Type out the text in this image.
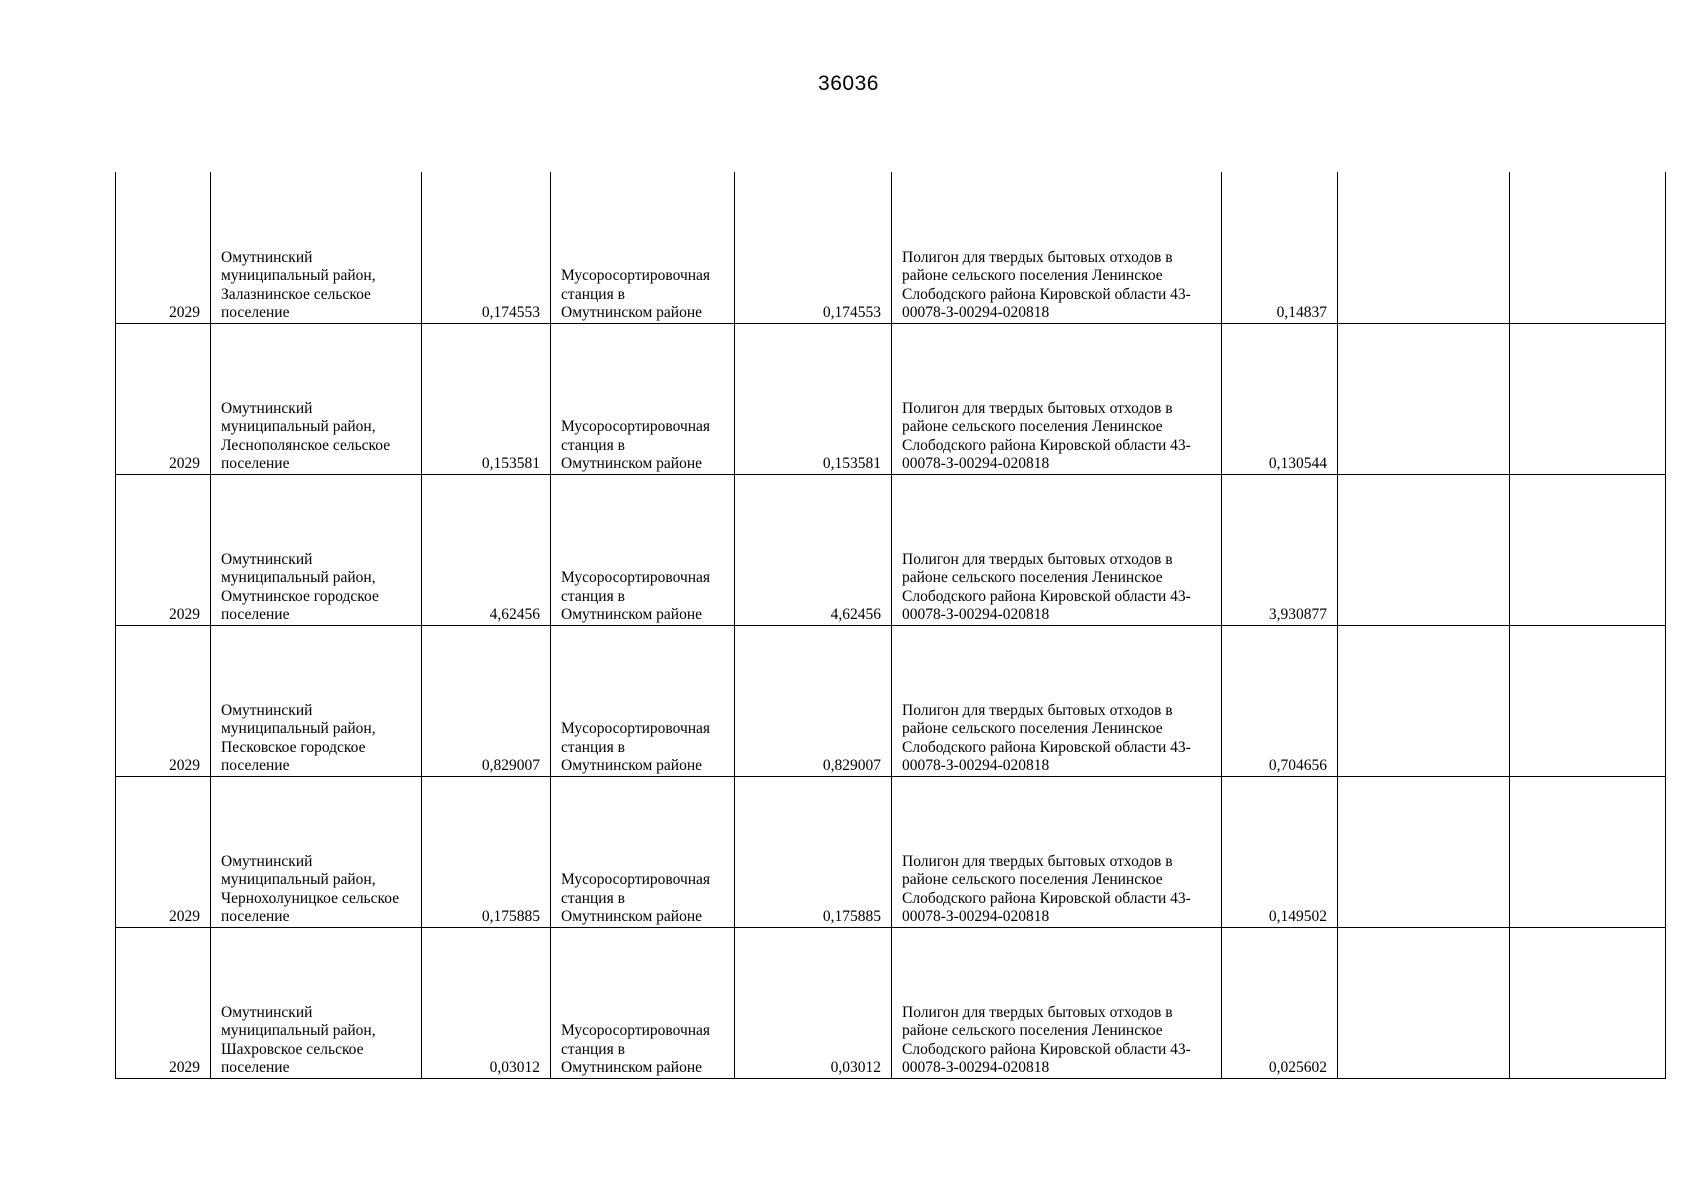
36036
2029	Омутнинский
муниципальный район,
Залазнинское сельское
поселение	0,174553	Мусоросортировочная
станция в
Омутнинском районе	0,174553	Полигон для твердых бытовых отходов в
районе сельского поселения Ленинское
Слободского района Кировской области 43-
00078-З-00294-020818	0,14837		

2029	Омутнинский
муниципальный район,
Леснополянское сельское
поселение	0,153581	Мусоросортировочная
станция в
Омутнинском районе	0,153581	Полигон для твердых бытовых отходов в
районе сельского поселения Ленинское
Слободского района Кировской области 43-
00078-З-00294-020818	0,130544		

2029	Омутнинский
муниципальный район,
Омутнинское городское
поселение	4,62456	Мусоросортировочная
станция в
Омутнинском районе	4,62456	Полигон для твердых бытовых отходов в
районе сельского поселения Ленинское
Слободского района Кировской области 43-
00078-З-00294-020818	3,930877		

2029	Омутнинский
муниципальный район,
Песковское городское
поселение	0,829007	Мусоросортировочная
станция в
Омутнинском районе	0,829007	Полигон для твердых бытовых отходов в
районе сельского поселения Ленинское
Слободского района Кировской области 43-
00078-З-00294-020818	0,704656		

2029	Омутнинский
муниципальный район,
Чернохолуницкое сельское
поселение	0,175885	Мусоросортировочная
станция в
Омутнинском районе	0,175885	Полигон для твердых бытовых отходов в
районе сельского поселения Ленинское
Слободского района Кировской области 43-
00078-З-00294-020818	0,149502		

2029	Омутнинский
муниципальный район,
Шахровское сельское
поселение	0,03012	Мусоросортировочная
станция в
Омутнинском районе	0,03012	Полигон для твердых бытовых отходов в
районе сельского поселения Ленинское
Слободского района Кировской области 43-
00078-З-00294-020818	0,025602		
